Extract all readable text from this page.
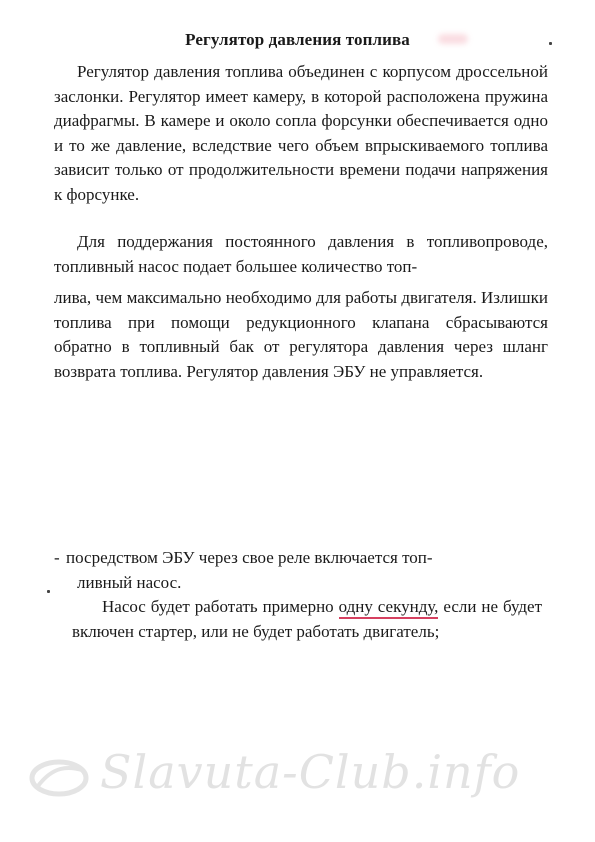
Регулятор давления топлива
Регулятор давления топлива объединен с корпусом дроссельной заслонки. Регулятор имеет камеру, в которой расположена пружина диафрагмы. В камере и около сопла форсунки обеспечивается одно и то же давление, вследствие чего объем впрыскиваемого топлива зависит только от продолжительности времени подачи напряжения к форсунке.
Для поддержания постоянного давления в топливопроводе, топливный насос подает большее количество топ-
лива, чем максимально необходимо для работы двигателя. Излишки топлива при помощи редукционного клапана сбрасываются обратно в топливный бак от регулятора давления через шланг возврата топлива. Регулятор давления ЭБУ не управляется.
- посредством ЭБУ через свое реле включается топ-
ливный насос.
Насос будет работать примерно одну секунду, если не будет включен стартер, или не будет работать двигатель;
Slavuta-Club.info
